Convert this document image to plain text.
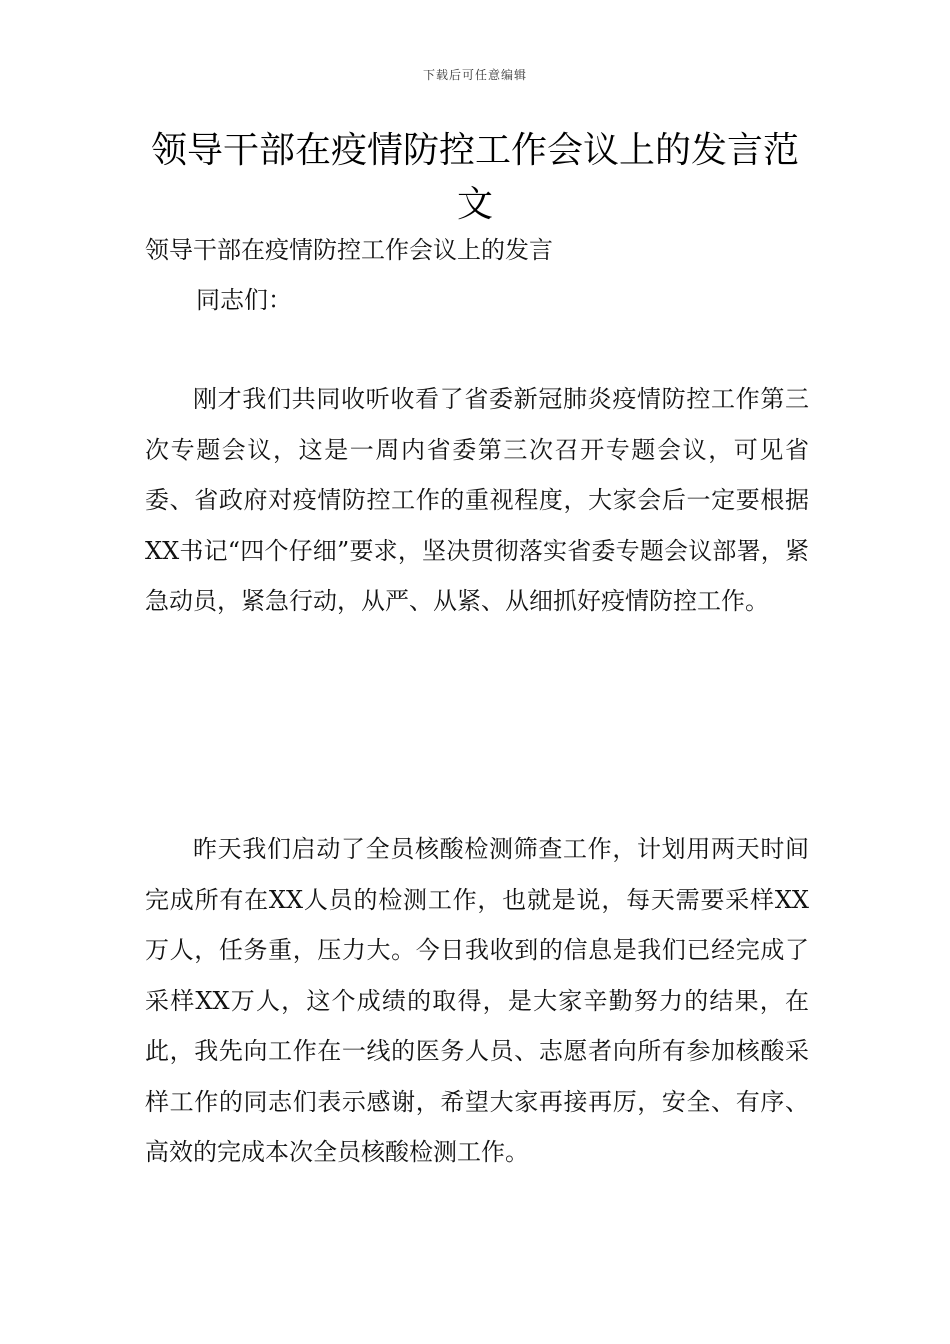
下载后可任意编辑
领导干部在疫情防控工作会议上的发言范文

领导干部在疫情防控工作会议上的发言

同志们：

刚才我们共同收听收看了省委新冠肺炎疫情防控工作第三次专题会议，这是一周内省委第三次召开专题会议，可见省委、省政府对疫情防控工作的重视程度，大家会后一定要根据XX书记“四个仔细”要求，坚决贯彻落实省委专题会议部署，紧急动员，紧急行动，从严、从紧、从细抓好疫情防控工作。

昨天我们启动了全员核酸检测筛查工作，计划用两天时间完成所有在XX人员的检测工作，也就是说，每天需要采样XX万人，任务重，压力大。今日我收到的信息是我们已经完成了采样XX万人，这个成绩的取得，是大家辛勤努力的结果，在此，我先向工作在一线的医务人员、志愿者向所有参加核酸采样工作的同志们表示感谢，希望大家再接再厉，安全、有序、高效的完成本次全员核酸检测工作。
